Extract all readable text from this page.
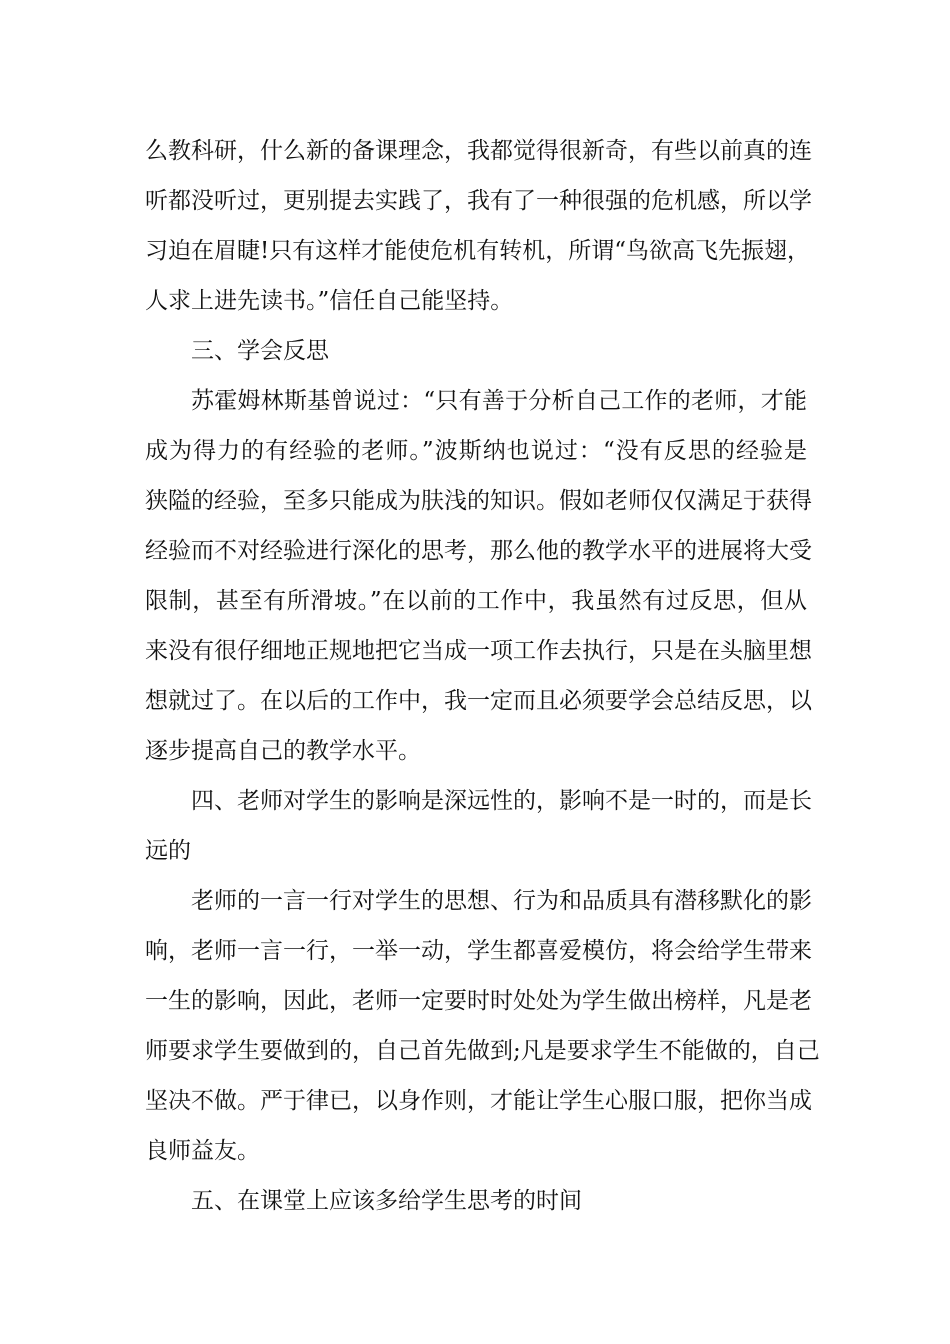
么教科研，什么新的备课理念，我都觉得很新奇，有些以前真的连
听都没听过，更别提去实践了，我有了一种很强的危机感，所以学
习迫在眉睫!只有这样才能使危机有转机，所谓“鸟欲高飞先振翅，
人求上进先读书。”信任自己能坚持。
三、学会反思
苏霍姆林斯基曾说过：“只有善于分析自己工作的老师，才能
成为得力的有经验的老师。”波斯纳也说过：“没有反思的经验是
狭隘的经验，至多只能成为肤浅的知识。假如老师仅仅满足于获得
经验而不对经验进行深化的思考，那么他的教学水平的进展将大受
限制，甚至有所滑坡。”在以前的工作中，我虽然有过反思，但从
来没有很仔细地正规地把它当成一项工作去执行，只是在头脑里想
想就过了。在以后的工作中，我一定而且必须要学会总结反思，以
逐步提高自己的教学水平。
四、老师对学生的影响是深远性的，影响不是一时的，而是长
远的
老师的一言一行对学生的思想、行为和品质具有潜移默化的影
响，老师一言一行，一举一动，学生都喜爱模仿，将会给学生带来
一生的影响，因此，老师一定要时时处处为学生做出榜样，凡是老
师要求学生要做到的，自己首先做到;凡是要求学生不能做的，自己
坚决不做。严于律已，以身作则，才能让学生心服口服，把你当成
良师益友。
五、在课堂上应该多给学生思考的时间
